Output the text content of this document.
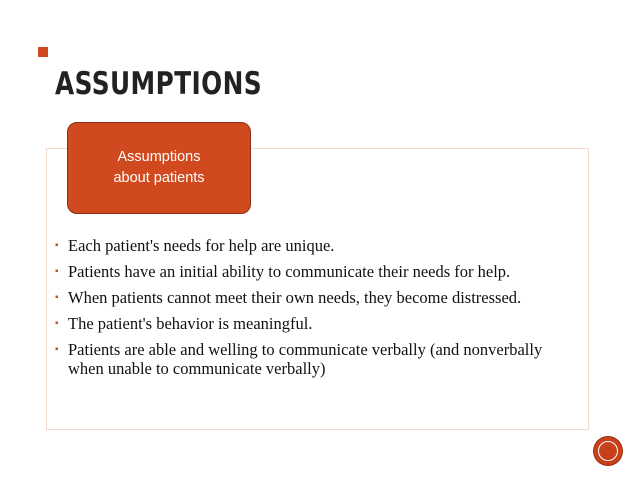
ASSUMPTIONS
Assumptions
about patients
▪ Each patient's needs for help are unique.
▪ Patients have an initial ability to communicate their needs for help.
▪ When patients cannot meet their own needs, they become distressed.
▪ The patient's behavior is meaningful.
▪ Patients are able and welling to communicate verbally (and nonverbally when unable to communicate verbally)
